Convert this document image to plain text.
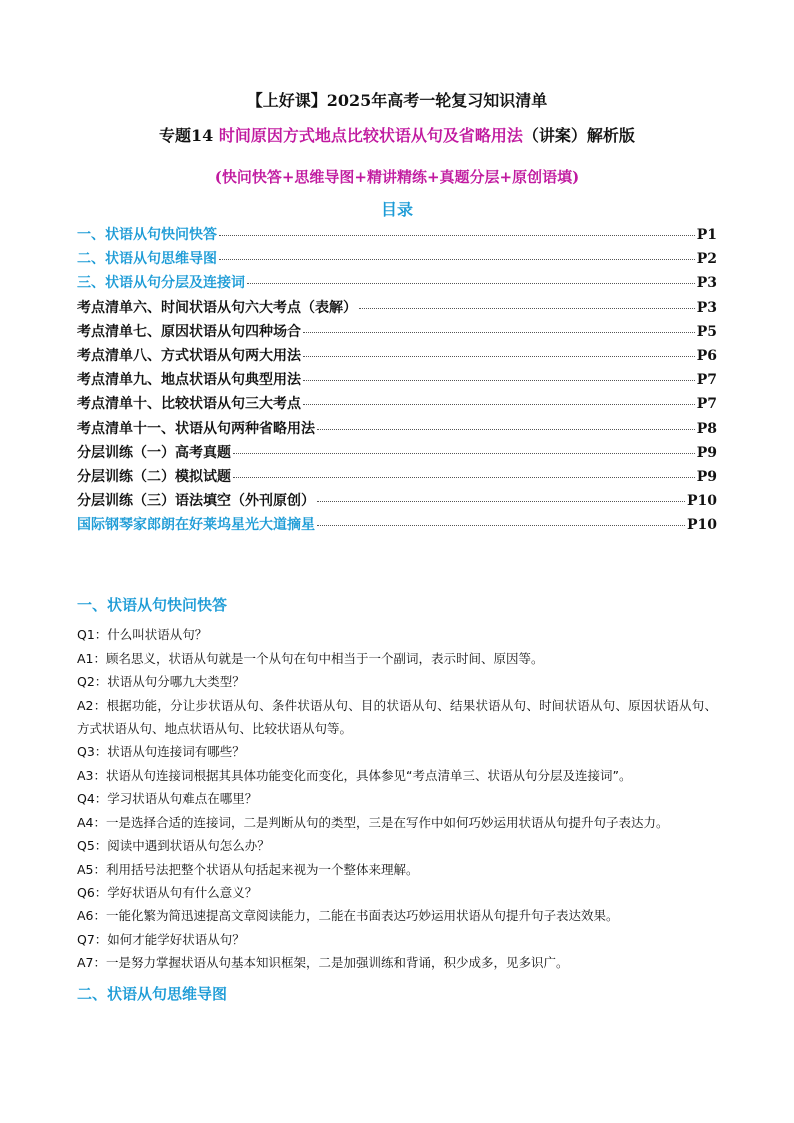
【上好课】2025年高考一轮复习知识清单
专题14 时间原因方式地点比较状语从句及省略用法（讲案）解析版
(快问快答+思维导图+精讲精练+真题分层+原创语填)
目录
一、状语从句快问快答	P1
二、状语从句思维导图	P2
三、状语从句分层及连接词	P3
考点清单六、时间状语从句六大考点（表解）	P3
考点清单七、原因状语从句四种场合	P5
考点清单八、方式状语从句两大用法	P6
考点清单九、地点状语从句典型用法	P7
考点清单十、比较状语从句三大考点	P7
考点清单十一、状语从句两种省略用法	P8
分层训练（一）高考真题	P9
分层训练（二）模拟试题	P9
分层训练（三）语法填空（外刊原创）	P10
国际钢琴家郎朗在好莱坞星光大道摘星	P10
一、状语从句快问快答

Q1：什么叫状语从句？

A1：顾名思义，状语从句就是一个从句在句中相当于一个副词，表示时间、原因等。

Q2：状语从句分哪九大类型？

A2：根据功能，分让步状语从句、条件状语从句、目的状语从句、结果状语从句、时间状语从句、原因状语从句、方式状语从句、地点状语从句、比较状语从句等。

Q3：状语从句连接词有哪些？

A3：状语从句连接词根据其具体功能变化而变化，具体参见“考点清单三、状语从句分层及连接词”。

Q4：学习状语从句难点在哪里？

A4：一是选择合适的连接词，二是判断从句的类型，三是在写作中如何巧妙运用状语从句提升句子表达力。

Q5：阅读中遇到状语从句怎么办？

A5：利用括号法把整个状语从句括起来视为一个整体来理解。

Q6：学好状语从句有什么意义？

A6：一能化繁为简迅速提高文章阅读能力，二能在书面表达巧妙运用状语从句提升句子表达效果。

Q7：如何才能学好状语从句？

A7：一是努力掌握状语从句基本知识框架，二是加强训练和背诵，积少成多，见多识广。

二、状语从句思维导图
